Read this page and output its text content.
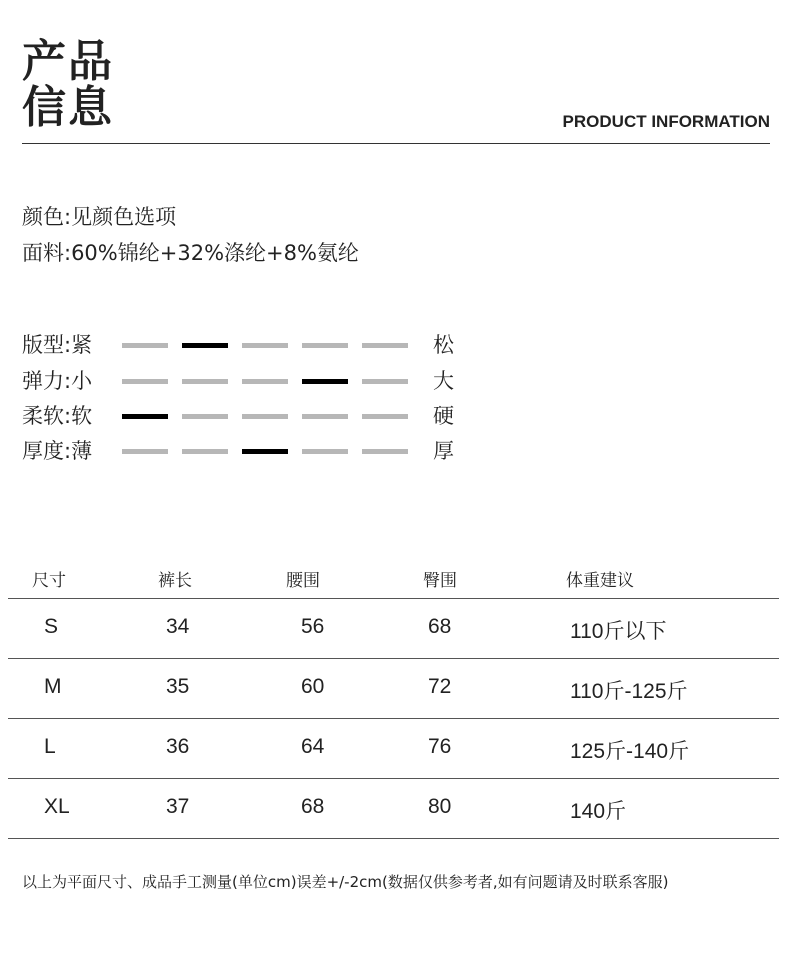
产品
信息	PRODUCT INFORMATION
颜色:见颜色选项
面料:60%锦纶+32%涤纶+8%氨纶
版型:紧	松
弹力:小	大
柔软:软	硬
厚度:薄	厚
尺寸	裤长	腰围	臀围	体重建议
S	34	56	68	110斤以下
M	35	60	72	110斤-125斤
L	36	64	76	125斤-140斤
XL	37	68	80	140斤
以上为平面尺寸、成品手工测量(单位cm)误差+/-2cm(数据仅供参考者,如有问题请及时联系客服)
